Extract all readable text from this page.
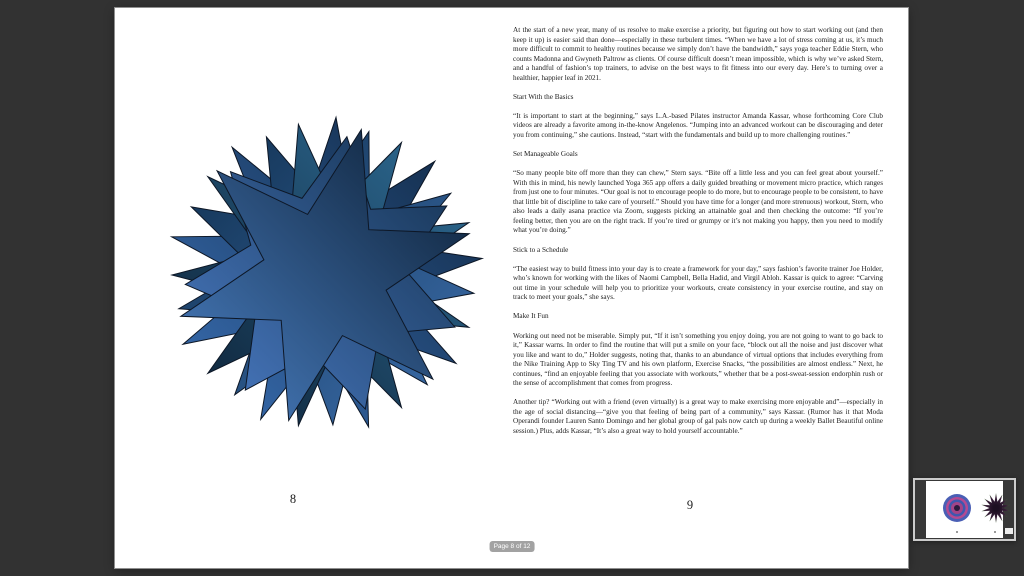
8

At the start of a new year, many of us resolve to make exercise a priority, but figuring out how to start working out (and then keep it up) is easier said than done—especially in these turbulent times. “When we have a lot of stress coming at us, it’s much more difficult to commit to healthy routines because we simply don’t have the bandwidth,” says yoga teacher Eddie Stern, who counts Madonna and Gwyneth Paltrow as clients. Of course difficult doesn’t mean impossible, which is why we’ve asked Stern, and a handful of fashion’s top trainers, to advise on the best ways to fit fitness into our every day. Here’s to turning over a healthier, happier leaf in 2021.

Start With the Basics

“It is important to start at the beginning,” says L.A.-based Pilates instructor Amanda Kassar, whose forthcoming Core Club videos are already a favorite among in-the-know Angelenos. “Jumping into an advanced workout can be discouraging and deter you from continuing,” she cautions. Instead, “start with the fundamentals and build up to more challenging routines.”

Set Manageable Goals

“So many people bite off more than they can chew,” Stern says. “Bite off a little less and you can feel great about yourself.” With this in mind, his newly launched Yoga 365 app offers a daily guided breathing or movement micro practice, which ranges from just one to four minutes. “Our goal is not to encourage people to do more, but to encourage people to be consistent, to have that little bit of discipline to take care of yourself.” Should you have time for a longer (and more strenuous) workout, Stern, who also leads a daily asana practice via Zoom, suggests picking an attainable goal and then checking the outcome: “If you’re feeling better, then you are on the right track. If you’re tired or grumpy or it’s not making you happy, then you need to modify what you’re doing.”

Stick to a Schedule

“The easiest way to build fitness into your day is to create a framework for your day,” says fashion’s favorite trainer Joe Holder, who’s known for working with the likes of Naomi Campbell, Bella Hadid, and Virgil Abloh. Kassar is quick to agree: “Carving out time in your schedule will help you to prioritize your workouts, create consistency in your exercise routine, and stay on track to meet your goals,” she says.

Make It Fun

Working out need not be miserable. Simply put, “If it isn’t something you enjoy doing, you are not going to want to go back to it,” Kassar warns. In order to find the routine that will put a smile on your face, “block out all the noise and just discover what you like and want to do,” Holder suggests, noting that, thanks to an abundance of virtual options that includes everything from the Nike Training App to Sky Ting TV and his own platform, Exercise Snacks, “the possibilities are almost endless.” Next, he continues, “find an enjoyable feeling that you associate with workouts,” whether that be a post-sweat-session endorphin rush or the sense of accomplishment that comes from progress.

Another tip? “Working out with a friend (even virtually) is a great way to make exercising more enjoyable and”—especially in the age of social distancing—“give you that feeling of being part of a community,” says Kassar. (Rumor has it that Moda Operandi founder Lauren Santo Domingo and her global group of gal pals now catch up during a weekly Ballet Beautiful online session.) Plus, adds Kassar, “It’s also a great way to hold yourself accountable.”

9
Page 8 of 12
